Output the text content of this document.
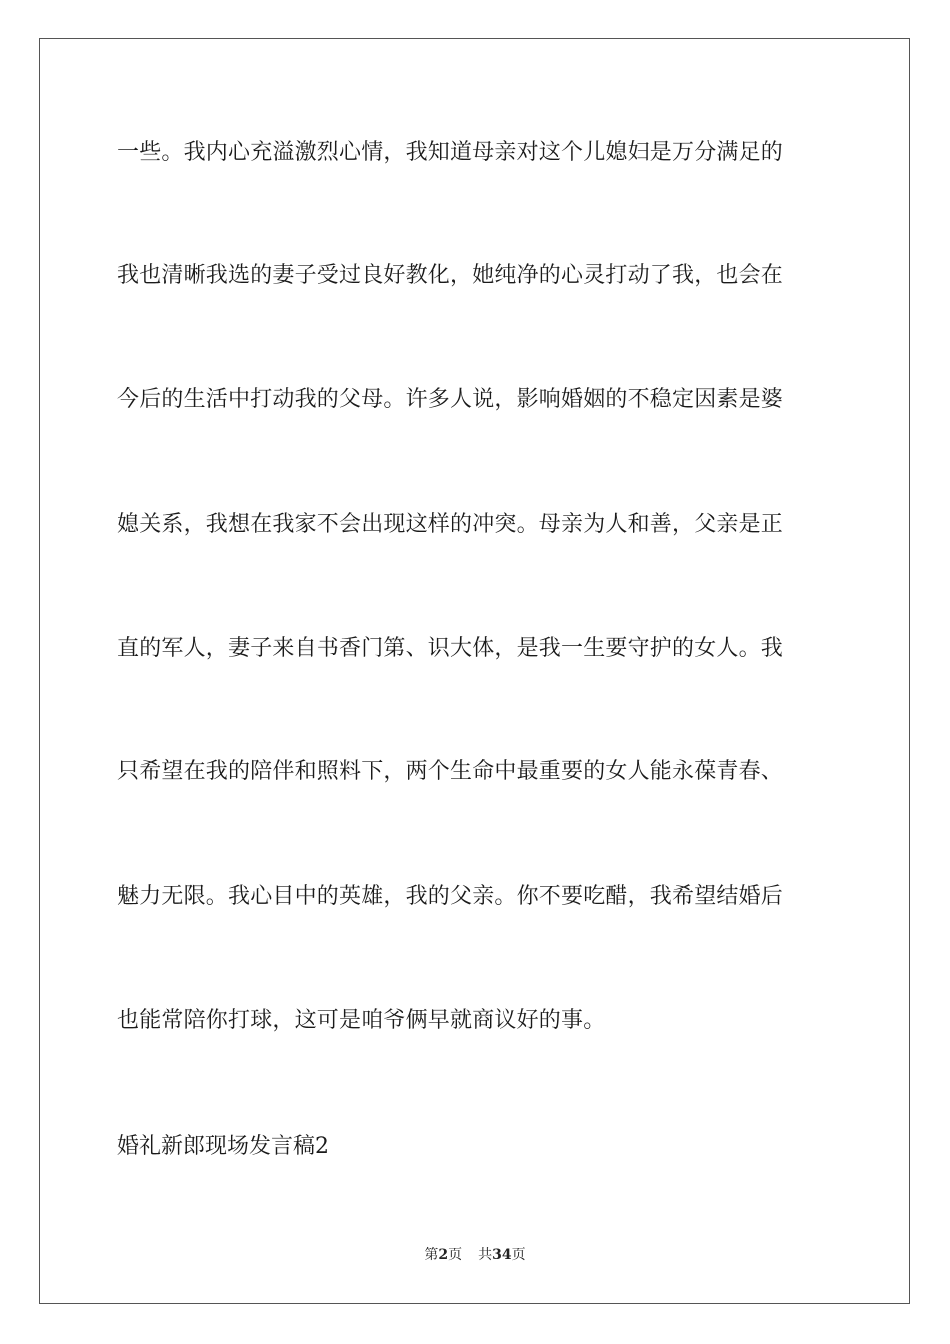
一些。我内心充溢激烈心情，我知道母亲对这个儿媳妇是万分满足的
我也清晰我选的妻子受过良好教化，她纯净的心灵打动了我，也会在
今后的生活中打动我的父母。许多人说，影响婚姻的不稳定因素是婆
媳关系，我想在我家不会出现这样的冲突。母亲为人和善，父亲是正
直的军人，妻子来自书香门第、识大体，是我一生要守护的女人。我
只希望在我的陪伴和照料下，两个生命中最重要的女人能永葆青春、
魅力无限。我心目中的英雄，我的父亲。你不要吃醋，我希望结婚后
也能常陪你打球，这可是咱爷俩早就商议好的事。
婚礼新郎现场发言稿2
第2页 共34页
